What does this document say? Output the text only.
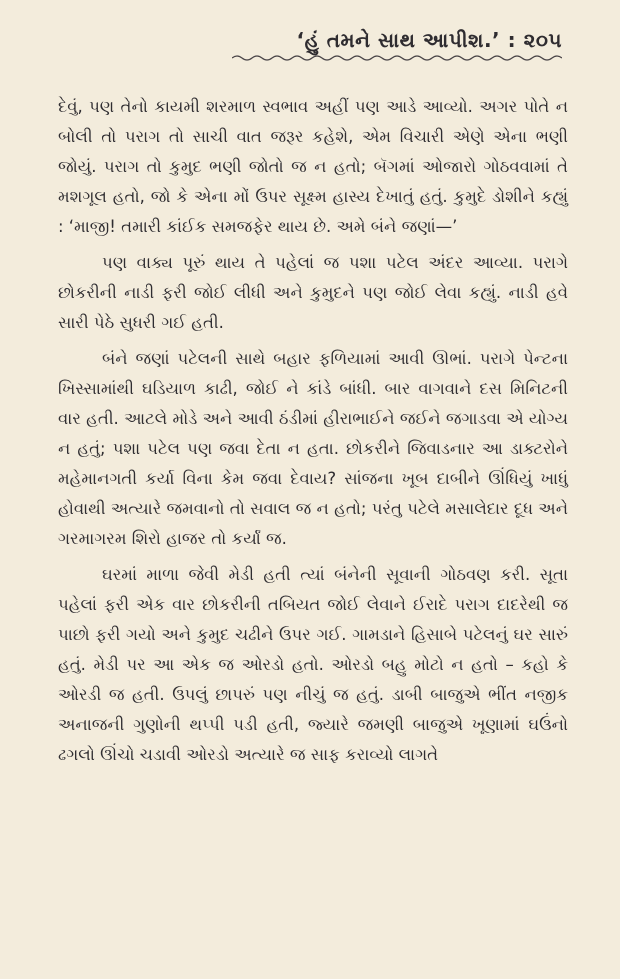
‘હું તમને સાથ આપીશ.’ : ૨૦૫

દેવું, પણ તેનો કાયમી શરમાળ સ્વભાવ અહીં પણ આડે આવ્યો. અગર પોતે ન બોલી તો પરાગ તો સાચી વાત જરૂર કહેશે, એમ વિચારી એણે એના ભણી જોયું. પરાગ તો કુમુદ ભણી જોતો જ ન હતો; બૅગમાં ઓજારો ગોઠવવામાં તે મશગૂલ હતો, જો કે એના મોં ઉપર સૂક્ષ્મ હાસ્ય દેખાતું હતું. કુમુદે ડોશીને કહ્યું : ‘માજી! તમારી કાંઈક સમજફેર થાય છે. અમે બંને જણાં—’

પણ વાક્ય પૂરું થાય તે પહેલાં જ પશા પટેલ અંદર આવ્યા. પરાગે છોકરીની નાડી ફરી જોઈ લીધી અને કુમુદને પણ જોઈ લેવા કહ્યું. નાડી હવે સારી પેઠે સુધરી ગઈ હતી.

બંને જણાં પટેલની સાથે બહાર ફળિયામાં આવી ઊભાં. પરાગે પેન્ટના ખિસ્સામાંથી ઘડિયાળ કાઢી, જોઈ ને કાંડે બાંધી. બાર વાગવાને દસ મિનિટની વાર હતી. આટલે મોડે અને આવી ઠંડીમાં હીરાભાઈને જઈને જગાડવા એ યોગ્ય ન હતું; પશા પટેલ પણ જવા દેતા ન હતા. છોકરીને જિવાડનાર આ ડાક્ટરોને મહેમાનગતી કર્યા વિના કેમ જવા દેવાય? સાંજના ખૂબ દાબીને ઊંધિયું ખાધું હોવાથી અત્યારે જમવાનો તો સવાલ જ ન હતો; પરંતુ પટેલે મસાલેદાર દૂધ અને ગરમાગરમ શિરો હાજર તો કર્યાં જ.

ઘરમાં માળા જેવી મેડી હતી ત્યાં બંનેની સૂવાની ગોઠવણ કરી. સૂતા પહેલાં ફરી એક વાર છોકરીની તબિયત જોઈ લેવાને ઈરાદે પરાગ દાદરેથી જ પાછો ફરી ગયો અને કુમુદ ચઢીને ઉપર ગઈ. ગામડાને હિસાબે પટેલનું ઘર સારું હતું. મેડી પર આ એક જ ઓરડો હતો. ઓરડો બહુ મોટો ન હતો – કહો કે ઓરડી જ હતી. ઉપલું છાપરું પણ નીચું જ હતું. ડાબી બાજુએ ભીંત નજીક અનાજની ગુણોની થપ્પી પડી હતી, જ્યારે જમણી બાજુએ ખૂણામાં ઘઉંનો ઢગલો ઊંચો ચડાવી ઓરડો અત્યારે જ સાફ કરાવ્યો લાગતે
